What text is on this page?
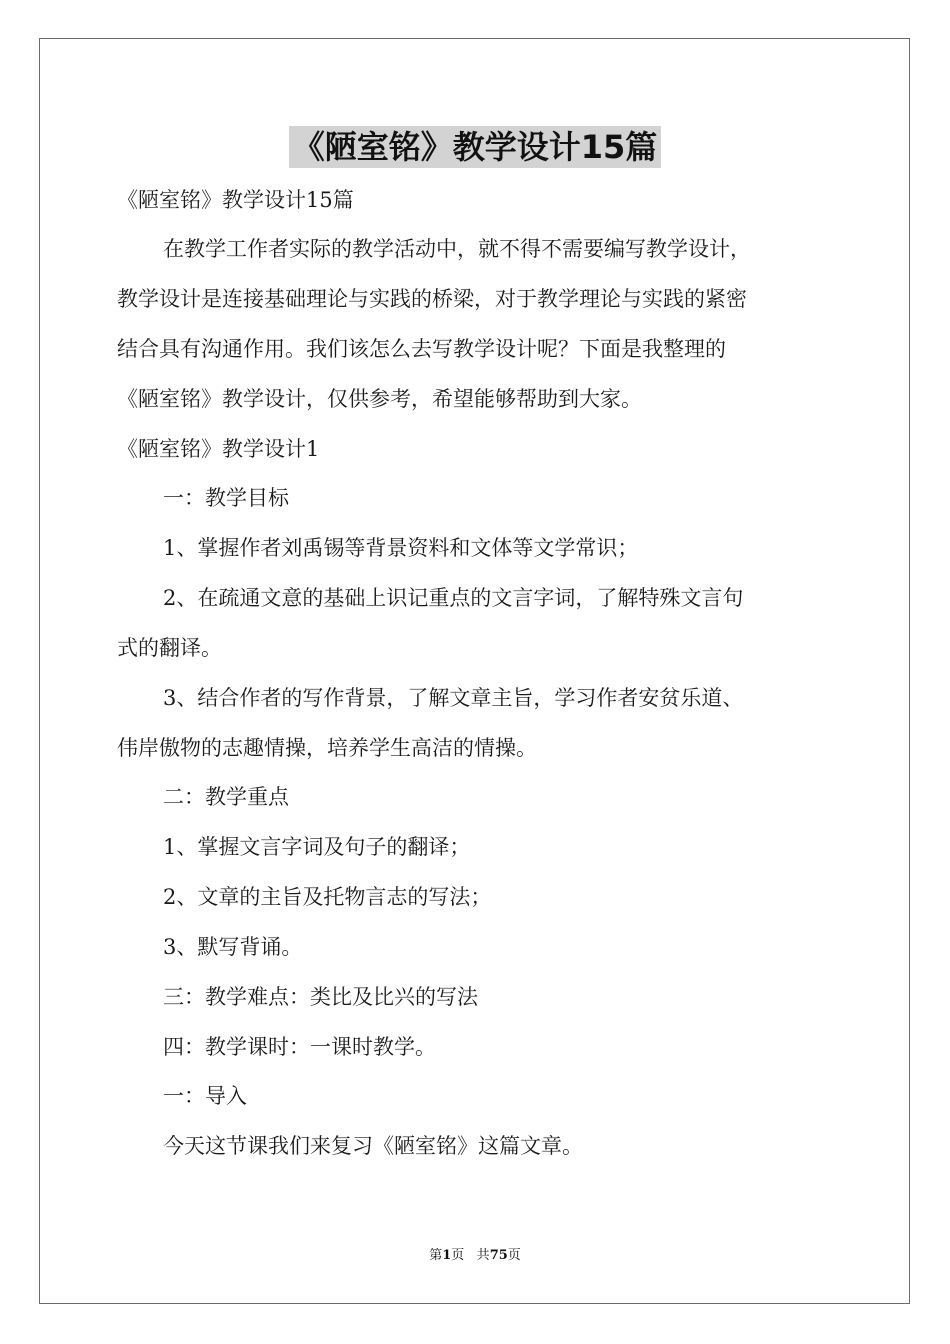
《陋室铭》教学设计15篇
《陋室铭》教学设计15篇
在教学工作者实际的教学活动中，就不得不需要编写教学设计，
教学设计是连接基础理论与实践的桥梁，对于教学理论与实践的紧密
结合具有沟通作用。我们该怎么去写教学设计呢？下面是我整理的
《陋室铭》教学设计，仅供参考，希望能够帮助到大家。
《陋室铭》教学设计1
一：教学目标
1、掌握作者刘禹锡等背景资料和文体等文学常识；
2、在疏通文意的基础上识记重点的文言字词，了解特殊文言句
式的翻译。
3、结合作者的写作背景，了解文章主旨，学习作者安贫乐道、
伟岸傲物的志趣情操，培养学生高洁的情操。
二：教学重点
1、掌握文言字词及句子的翻译；
2、文章的主旨及托物言志的写法；
3、默写背诵。
三：教学难点：类比及比兴的写法
四：教学课时：一课时教学。
一：导入
今天这节课我们来复习《陋室铭》这篇文章。
第1页 共75页
